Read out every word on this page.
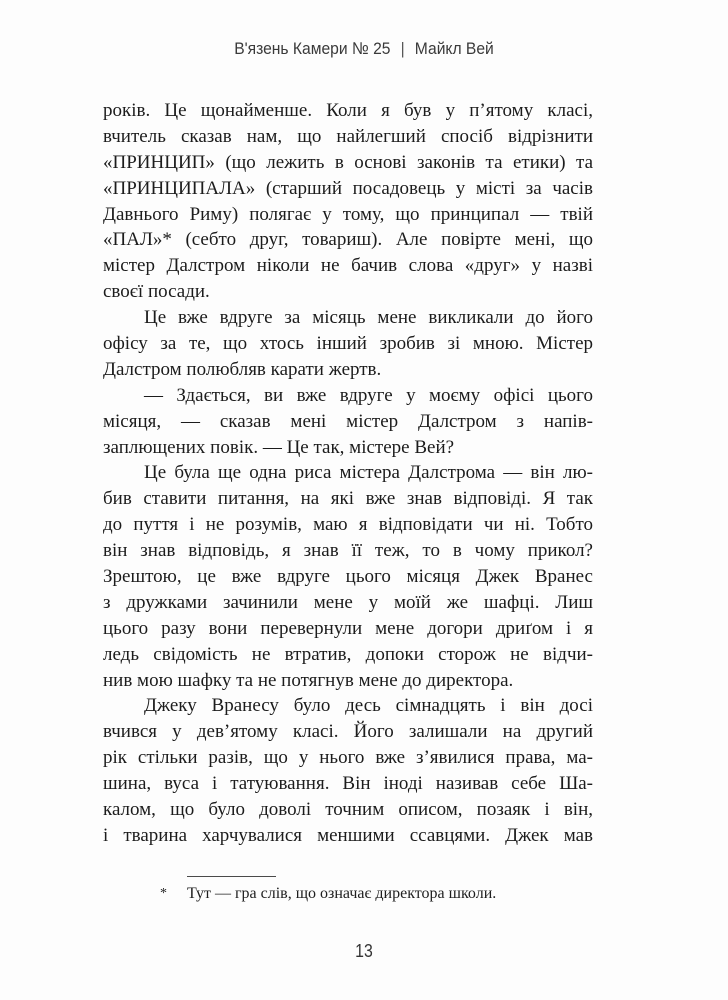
В'язень Камери № 25 | Майкл Вей
років. Це щонайменше. Коли я був у п’ятому класі,
вчитель сказав нам, що найлегший спосіб відрізнити
«ПРИНЦИП» (що лежить в основі законів та етики) та
«ПРИНЦИПАЛА» (старший посадовець у місті за часів
Давнього Риму) полягає у тому, що принципал — твій
«ПАЛ»* (себто друг, товариш). Але повірте мені, що
містер Далстром ніколи не бачив слова «друг» у назві
своєї посади.
Це вже вдруге за місяць мене викликали до його
офісу за те, що хтось інший зробив зі мною. Містер
Далстром полюбляв карати жертв.
— Здається, ви вже вдруге у моєму офісі цього
місяця, — сказав мені містер Далстром з напів-
заплющених повік. — Це так, містере Вей?
Це була ще одна риса містера Далстрома — він лю-
бив ставити питання, на які вже знав відповіді. Я так
до пуття і не розумів, маю я відповідати чи ні. Тобто
він знав відповідь, я знав її теж, то в чому прикол?
Зрештою, це вже вдруге цього місяця Джек Вранес
з дружками зачинили мене у моїй же шафці. Лиш
цього разу вони перевернули мене догори дриґом і я
ледь свідомість не втратив, допоки сторож не відчи-
нив мою шафку та не потягнув мене до директора.
Джеку Вранесу було десь сімнадцять і він досі
вчився у дев’ятому класі. Його залишали на другий
рік стільки разів, що у нього вже з’явилися права, ма-
шина, вуса і татуювання. Він іноді називав себе Ша-
калом, що було доволі точним описом, позаяк і він,
і тварина харчувалися меншими ссавцями. Джек мав
* Тут — гра слів, що означає директора школи.
13
